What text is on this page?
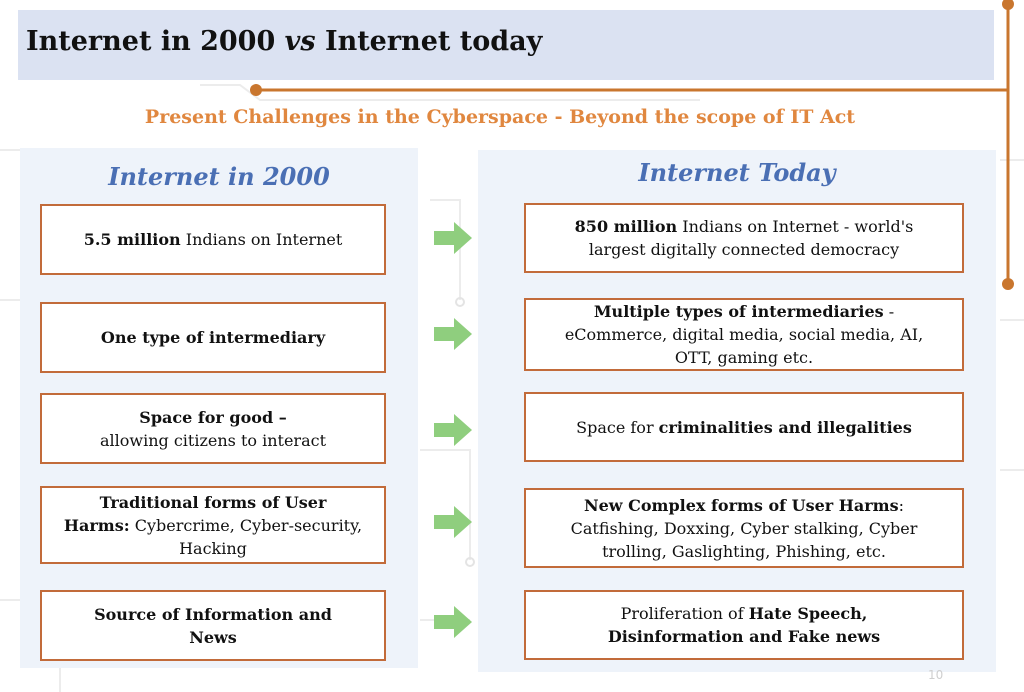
Internet in 2000 vs Internet today
Present Challenges in the Cyberspace - Beyond the scope of IT Act
Internet in 2000	Internet Today
5.5 million Indians on Internet
One type of intermediary
Space for good –
allowing citizens to interact
Traditional forms of User
Harms: Cybercrime, Cyber-security,
Hacking
Source of Information and
News
850 million Indians on Internet - world's
largest digitally connected democracy
Multiple types of intermediaries -
eCommerce, digital media, social media, AI,
OTT, gaming etc.
Space for criminalities and illegalities
New Complex forms of User Harms:
Catfishing, Doxxing, Cyber stalking, Cyber
trolling, Gaslighting, Phishing, etc.
Proliferation of Hate Speech,
Disinformation and Fake news
10
